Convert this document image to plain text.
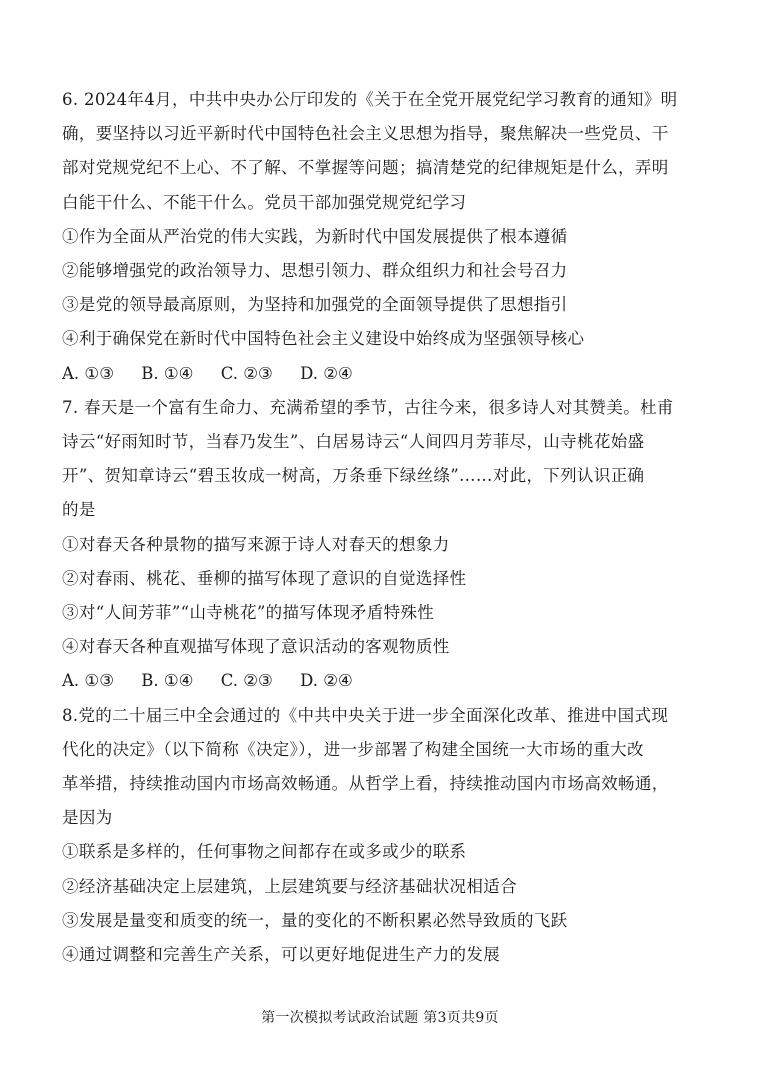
6. 2024年4月，中共中央办公厅印发的《关于在全党开展党纪学习教育的通知》明
确，要坚持以习近平新时代中国特色社会主义思想为指导，聚焦解决一些党员、干
部对党规党纪不上心、不了解、不掌握等问题；搞清楚党的纪律规矩是什么，弄明
白能干什么、不能干什么。党员干部加强党规党纪学习
①作为全面从严治党的伟大实践，为新时代中国发展提供了根本遵循
②能够增强党的政治领导力、思想引领力、群众组织力和社会号召力
③是党的领导最高原则，为坚持和加强党的全面领导提供了思想指引
④利于确保党在新时代中国特色社会主义建设中始终成为坚强领导核心
A. ①③ B. ①④ C. ②③ D. ②④
7. 春天是一个富有生命力、充满希望的季节，古往今来，很多诗人对其赞美。杜甫
诗云“好雨知时节，当春乃发生”、白居易诗云“人间四月芳菲尽，山寺桃花始盛
开”、贺知章诗云“碧玉妆成一树高，万条垂下绿丝绦”……对此，下列认识正确
的是
①对春天各种景物的描写来源于诗人对春天的想象力
②对春雨、桃花、垂柳的描写体现了意识的自觉选择性
③对“人间芳菲”“山寺桃花”的描写体现矛盾特殊性
④对春天各种直观描写体现了意识活动的客观物质性
A. ①③ B. ①④ C. ②③ D. ②④
8.党的二十届三中全会通过的《中共中央关于进一步全面深化改革、推进中国式现
代化的决定》（以下简称《决定》），进一步部署了构建全国统一大市场的重大改
革举措，持续推动国内市场高效畅通。从哲学上看，持续推动国内市场高效畅通，
是因为
①联系是多样的，任何事物之间都存在或多或少的联系
②经济基础决定上层建筑，上层建筑要与经济基础状况相适合
③发展是量变和质变的统一，量的变化的不断积累必然导致质的飞跃
④通过调整和完善生产关系，可以更好地促进生产力的发展
第一次模拟考试政治试题 第3页共9页
